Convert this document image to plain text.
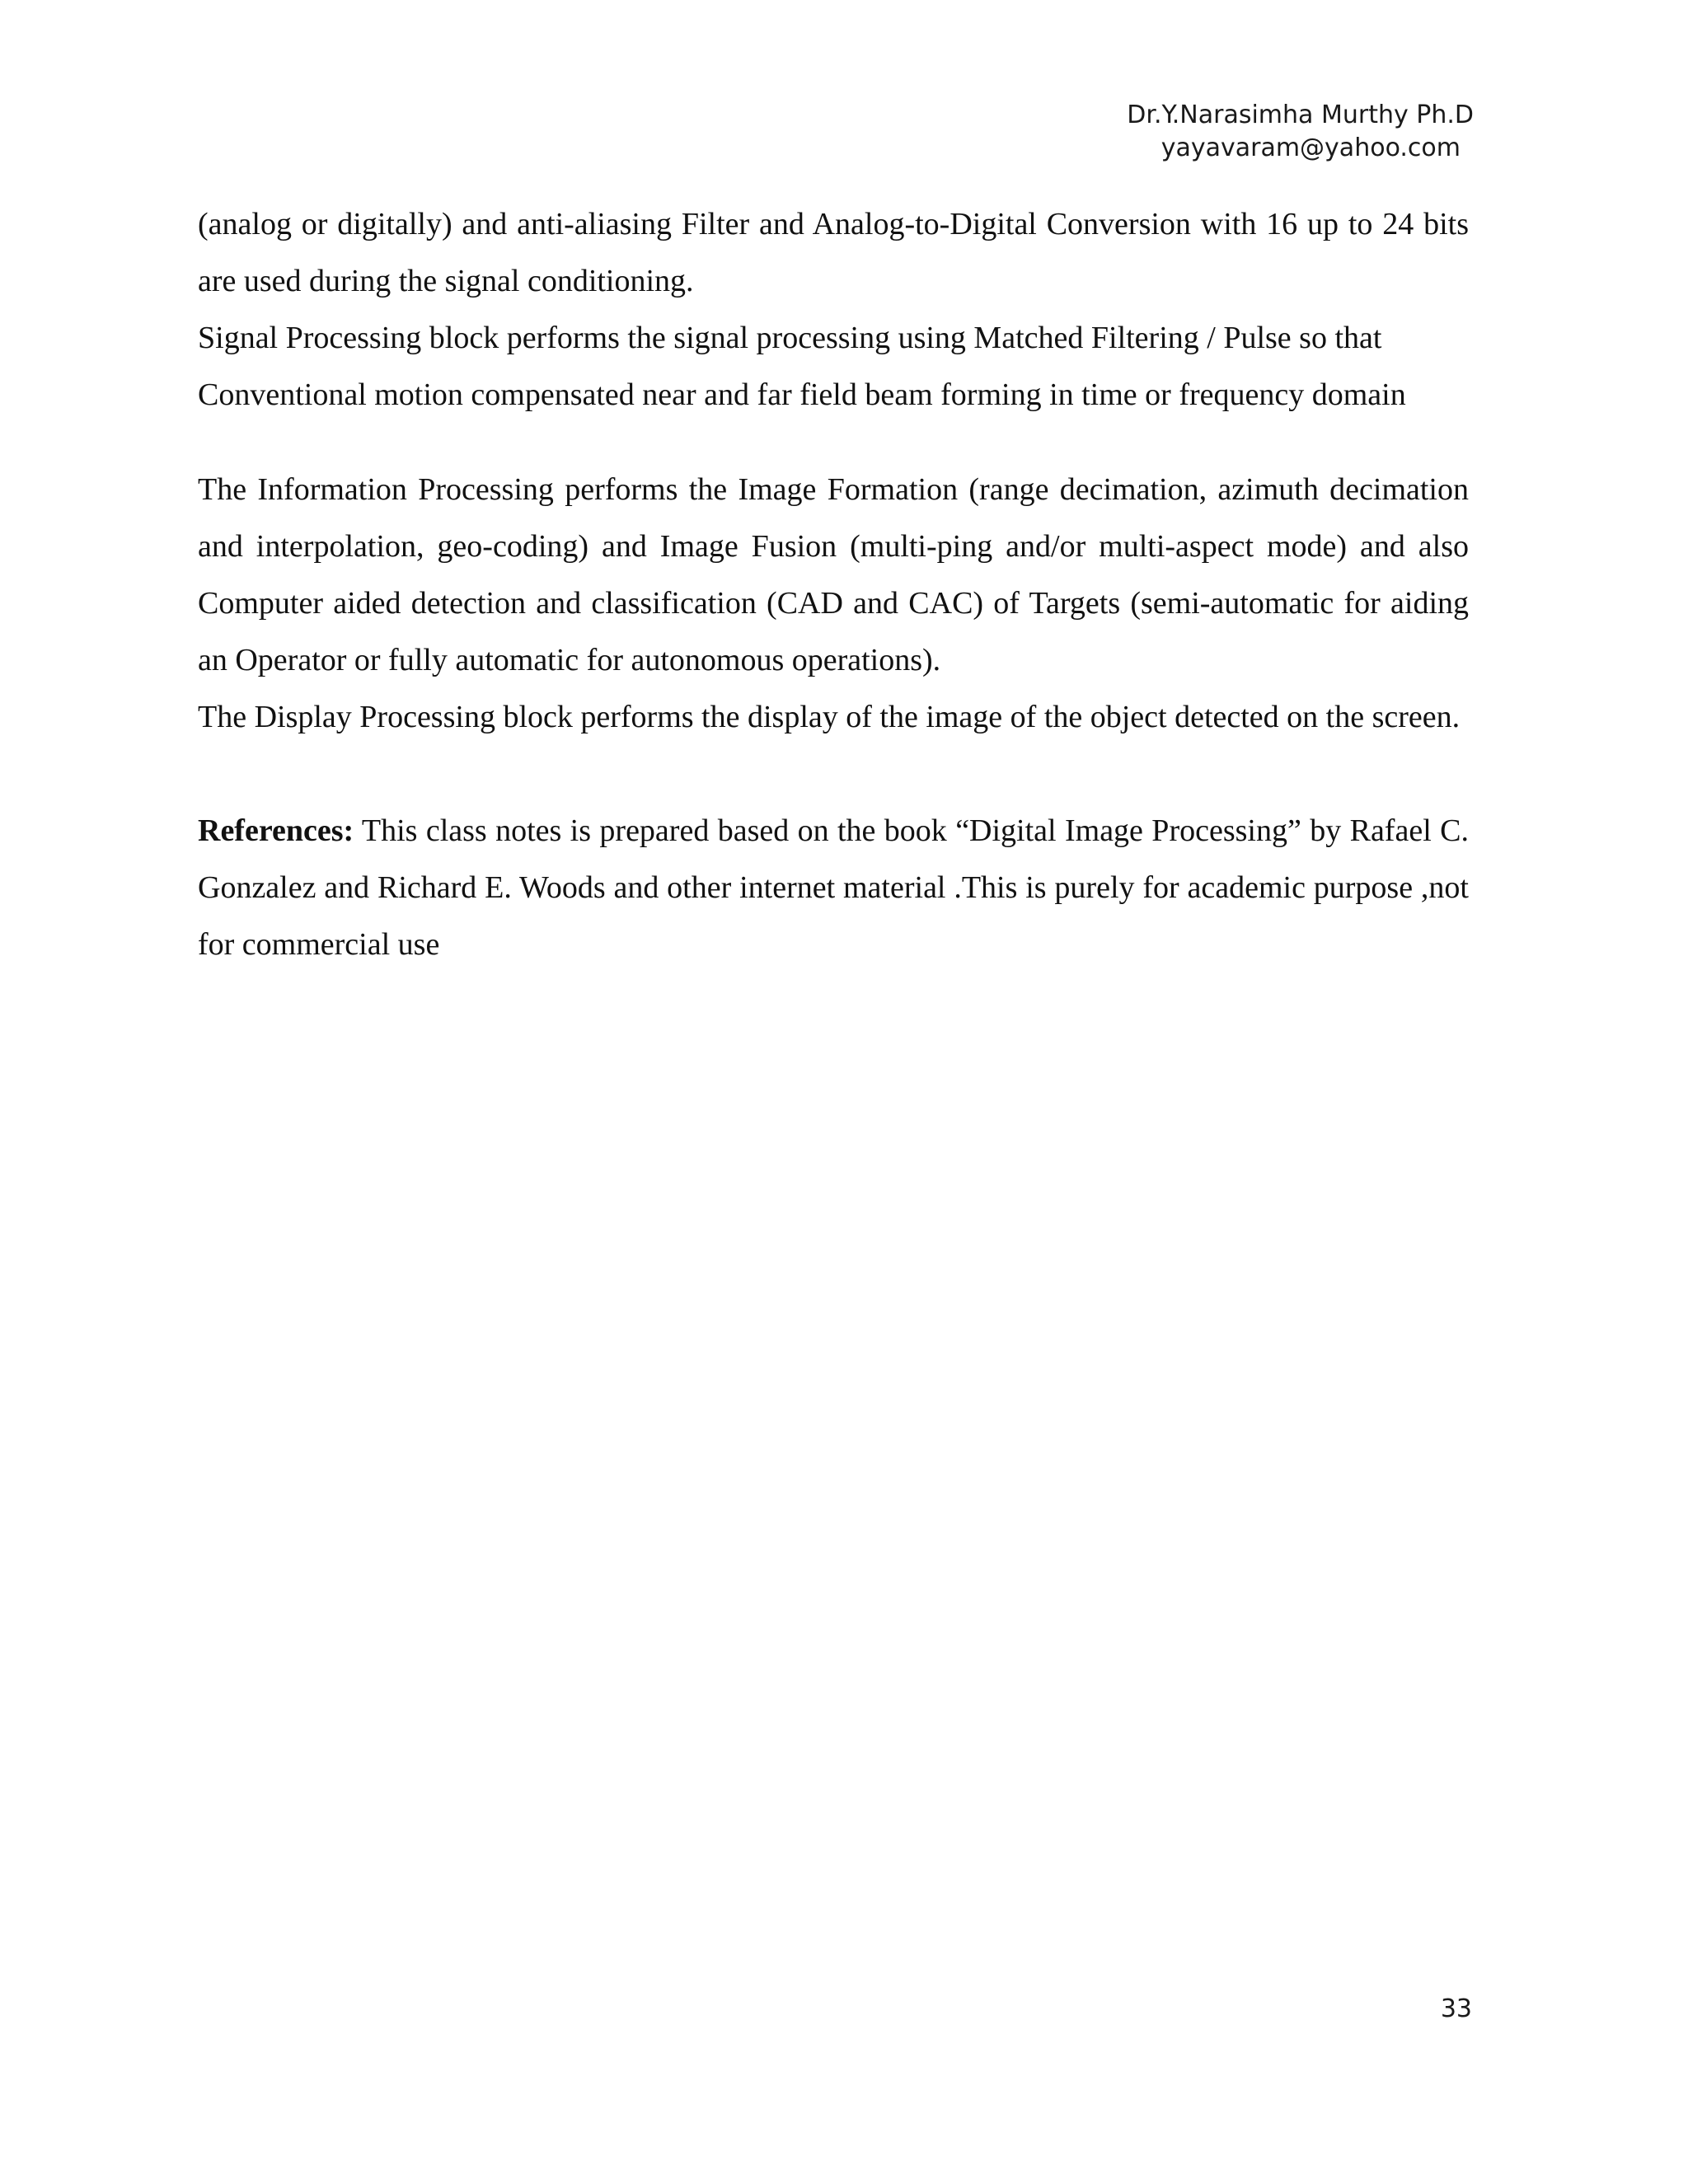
Dr.Y.Narasimha Murthy Ph.D
yayavaram@yahoo.com

(analog or digitally) and anti-aliasing Filter and Analog-to-Digital Conversion with 16 up to 24 bits are used during the signal conditioning.

Signal Processing block performs the signal processing using Matched Filtering / Pulse so that

Conventional motion compensated near and far field beam forming in time or frequency domain

The Information Processing performs the Image Formation (range decimation, azimuth decimation and interpolation, geo-coding) and Image Fusion (multi-ping and/or multi-aspect mode) and also Computer aided detection and classification (CAD and CAC) of Targets (semi-automatic for aiding an Operator or fully automatic for autonomous operations).

The Display Processing block performs the display of the image of the object detected on the screen.

References: This class notes is prepared based on the book “Digital Image Processing” by Rafael C. Gonzalez and Richard E. Woods and other internet material .This is purely for academic purpose ,not for commercial use

33
